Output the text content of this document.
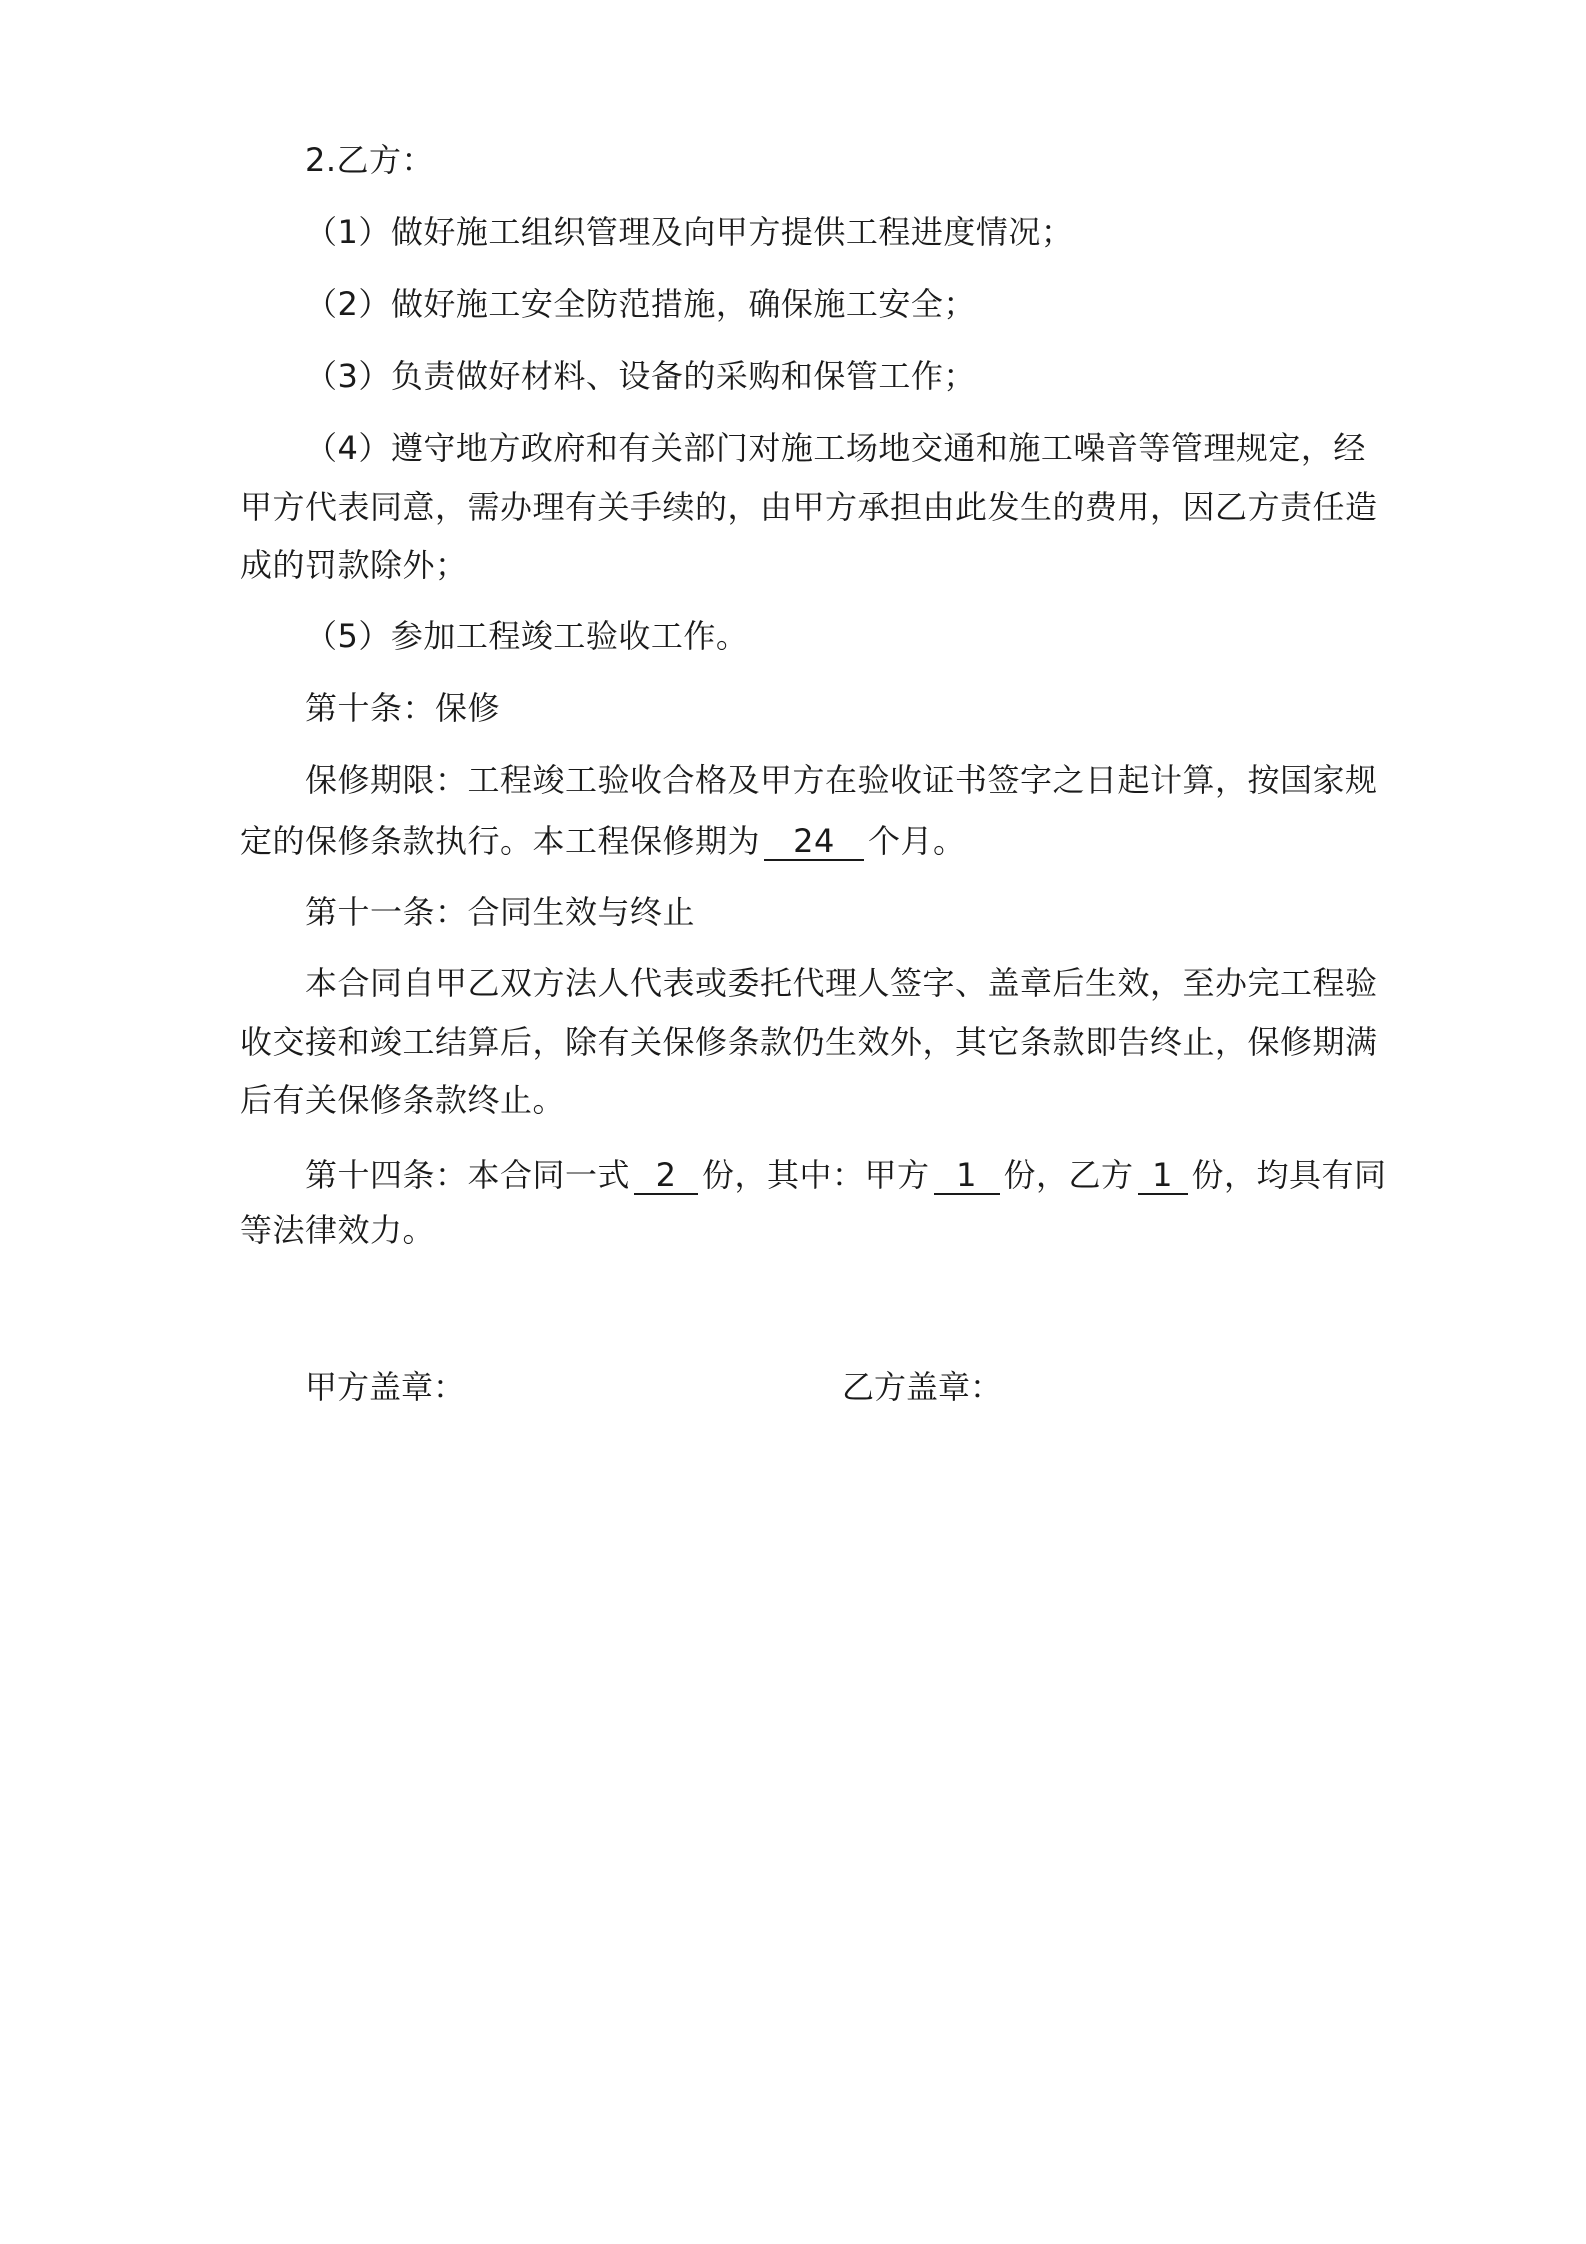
2.乙方：
（1）做好施工组织管理及向甲方提供工程进度情况；
（2）做好施工安全防范措施，确保施工安全；
（3）负责做好材料、设备的采购和保管工作；
（4）遵守地方政府和有关部门对施工场地交通和施工噪音等管理规定，经
甲方代表同意，需办理有关手续的，由甲方承担由此发生的费用，因乙方责任造
成的罚款除外；
（5）参加工程竣工验收工作。
第十条：保修
保修期限：工程竣工验收合格及甲方在验收证书签字之日起计算，按国家规
定的保修条款执行。本工程保修期为 24 个月。
第十一条：合同生效与终止
本合同自甲乙双方法人代表或委托代理人签字、盖章后生效，至办完工程验
收交接和竣工结算后，除有关保修条款仍生效外，其它条款即告终止，保修期满
后有关保修条款终止。
第十四条：本合同一式 2 份，其中：甲方 1 份，乙方 1 份，均具有同
等法律效力。
甲方盖章：	乙方盖章：
